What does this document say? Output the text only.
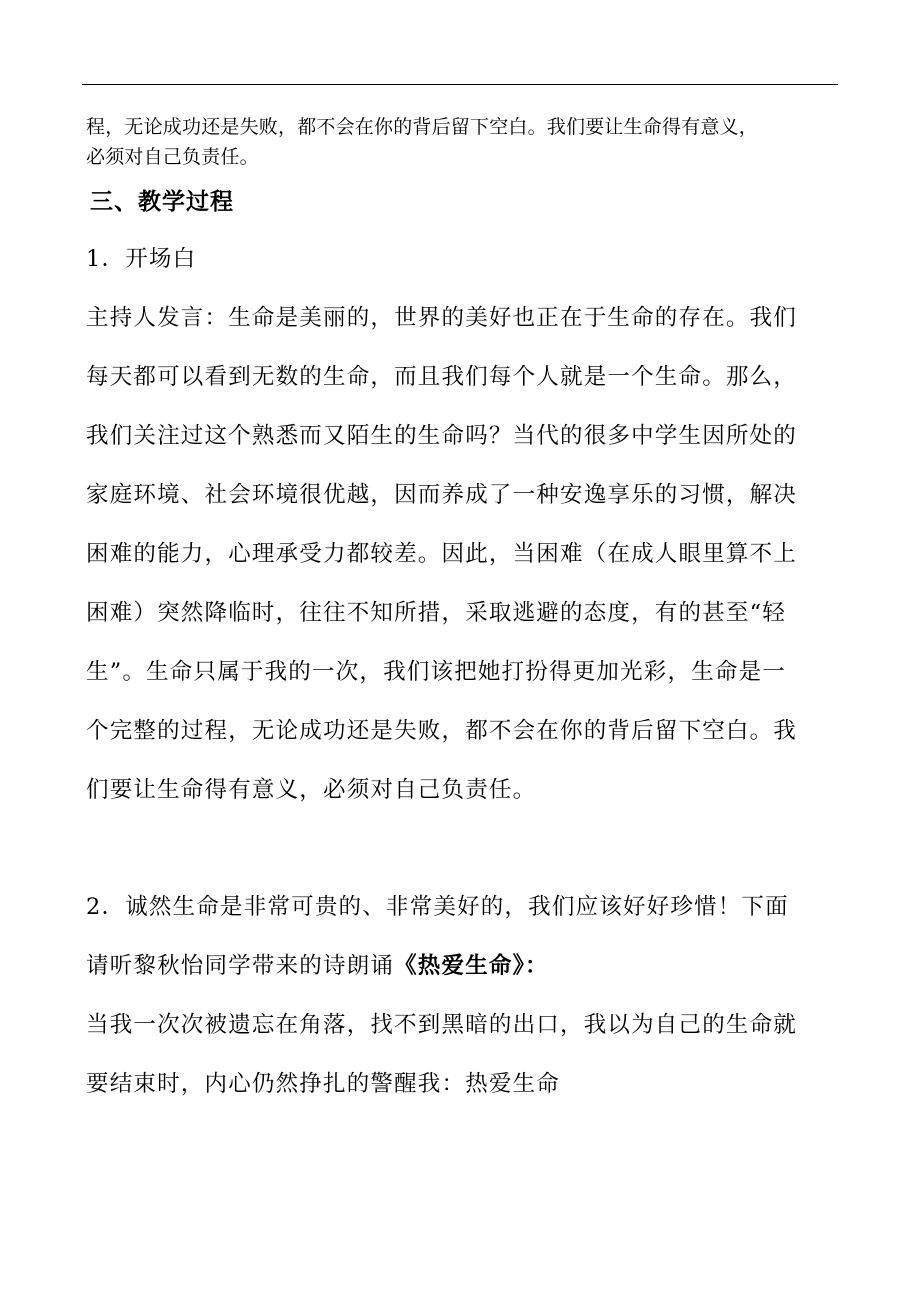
程，无论成功还是失败，都不会在你的背后留下空白。我们要让生命得有意义，
必须对自己负责任。
三、教学过程
1．开场白
主持人发言：生命是美丽的，世界的美好也正在于生命的存在。我们
每天都可以看到无数的生命，而且我们每个人就是一个生命。那么，
我们关注过这个熟悉而又陌生的生命吗？当代的很多中学生因所处的
家庭环境、社会环境很优越，因而养成了一种安逸享乐的习惯，解决
困难的能力，心理承受力都较差。因此，当困难（在成人眼里算不上
困难）突然降临时，往往不知所措，采取逃避的态度，有的甚至“轻
生”。生命只属于我的一次，我们该把她打扮得更加光彩，生命是一
个完整的过程，无论成功还是失败，都不会在你的背后留下空白。我
们要让生命得有意义，必须对自己负责任。
2．诚然生命是非常可贵的、非常美好的，我们应该好好珍惜！下面
请听黎秋怡同学带来的诗朗诵《热爱生命》：
当我一次次被遗忘在角落，找不到黑暗的出口，我以为自己的生命就
要结束时，内心仍然挣扎的警醒我：热爱生命
